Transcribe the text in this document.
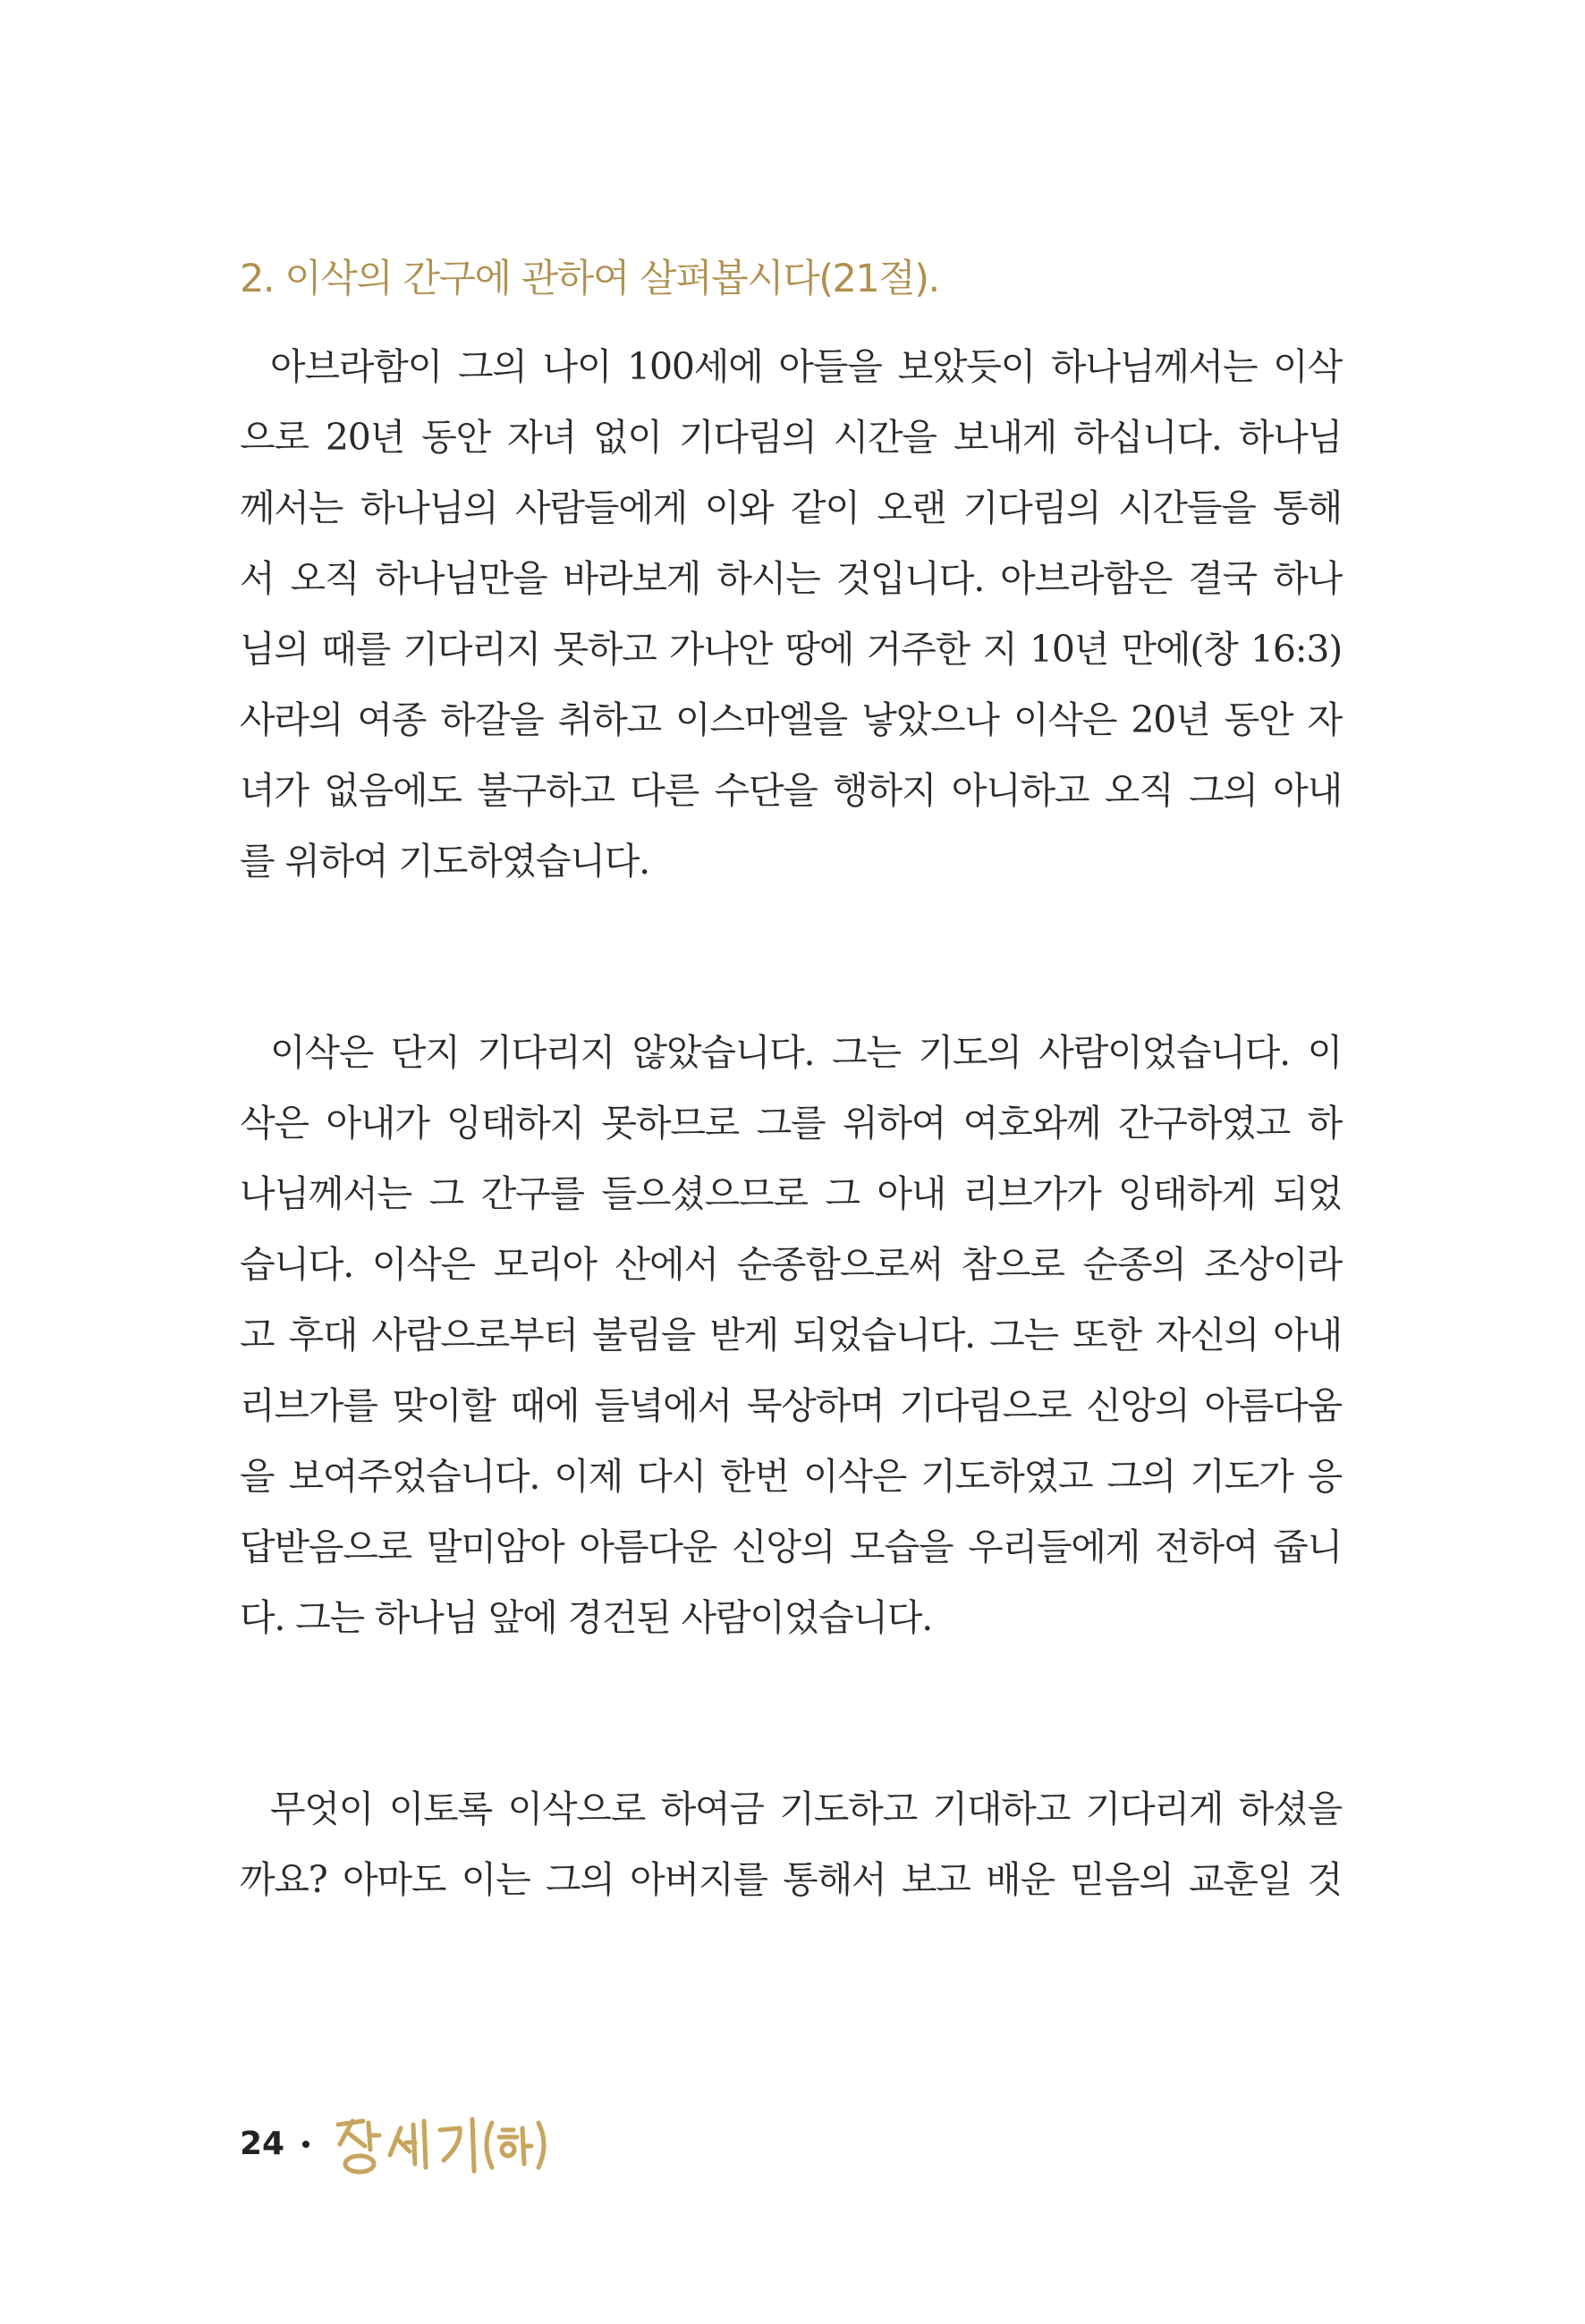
2. 이삭의 간구에 관하여 살펴봅시다(21절).
아브라함이 그의 나이 100세에 아들을 보았듯이 하나님께서는 이삭
으로 20년 동안 자녀 없이 기다림의 시간을 보내게 하십니다. 하나님
께서는 하나님의 사람들에게 이와 같이 오랜 기다림의 시간들을 통해
서 오직 하나님만을 바라보게 하시는 것입니다. 아브라함은 결국 하나
님의 때를 기다리지 못하고 가나안 땅에 거주한 지 10년 만에(창 16:3)
사라의 여종 하갈을 취하고 이스마엘을 낳았으나 이삭은 20년 동안 자
녀가 없음에도 불구하고 다른 수단을 행하지 아니하고 오직 그의 아내
를 위하여 기도하였습니다.
이삭은 단지 기다리지 않았습니다. 그는 기도의 사람이었습니다. 이
삭은 아내가 잉태하지 못하므로 그를 위하여 여호와께 간구하였고 하
나님께서는 그 간구를 들으셨으므로 그 아내 리브가가 잉태하게 되었
습니다. 이삭은 모리아 산에서 순종함으로써 참으로 순종의 조상이라
고 후대 사람으로부터 불림을 받게 되었습니다. 그는 또한 자신의 아내
리브가를 맞이할 때에 들녘에서 묵상하며 기다림으로 신앙의 아름다움
을 보여주었습니다. 이제 다시 한번 이삭은 기도하였고 그의 기도가 응
답받음으로 말미암아 아름다운 신앙의 모습을 우리들에게 전하여 줍니
다. 그는 하나님 앞에 경건된 사람이었습니다.
무엇이 이토록 이삭으로 하여금 기도하고 기대하고 기다리게 하셨을
까요? 아마도 이는 그의 아버지를 통해서 보고 배운 믿음의 교훈일 것
24
